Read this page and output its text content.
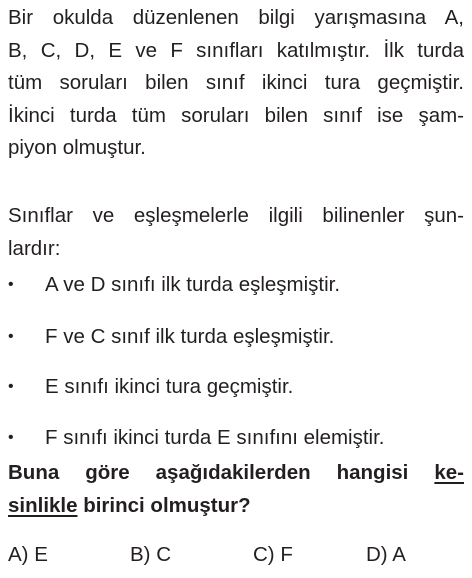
Bir okulda düzenlenen bilgi yarışmasına A,
B, C, D, E ve F sınıfları katılmıştır. İlk turda
tüm soruları bilen sınıf ikinci tura geçmiştir.
İkinci turda tüm soruları bilen sınıf ise şam-
piyon olmuştur.
Sınıflar ve eşleşmelerle ilgili bilinenler şun-
lardır:
• A ve D sınıfı ilk turda eşleşmiştir.
• F ve C sınıf ilk turda eşleşmiştir.
• E sınıfı ikinci tura geçmiştir.
• F sınıfı ikinci turda E sınıfını elemiştir.
Buna göre aşağıdakilerden hangisi ke-
sinlikle birinci olmuştur?
A) E	B) C	C) F	D) A
